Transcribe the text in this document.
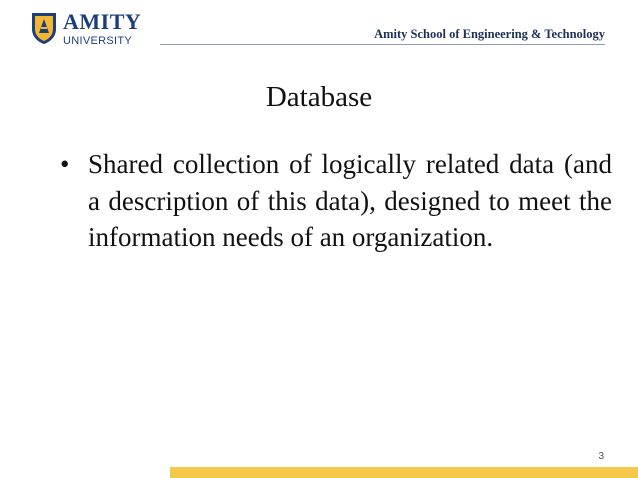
AMITY
UNIVERSITY	Amity School of Engineering & Technology
Database
• Shared collection of logically related data (and a description of this data), designed to meet the information needs of an organization.
3
